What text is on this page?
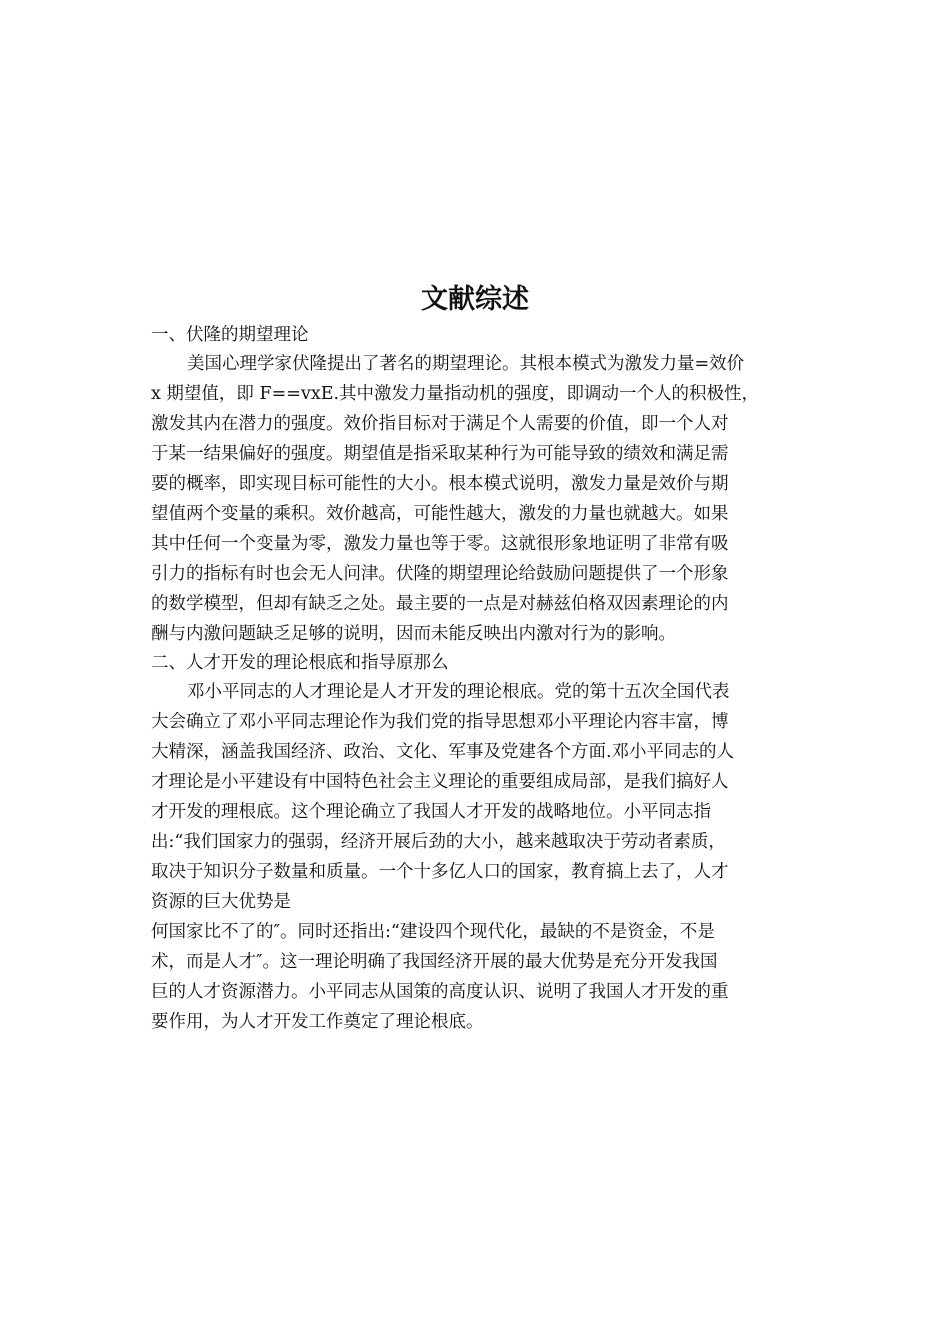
文献综述

一、伏隆的期望理论

美国心理学家伏隆提出了著名的期望理论。其根本模式为激发力量=效价

x 期望值，即 F==vxE.其中激发力量指动机的强度，即调动一个人的积极性，

激发其内在潜力的强度。效价指目标对于满足个人需要的价值，即一个人对

于某一结果偏好的强度。期望值是指采取某种行为可能导致的绩效和满足需

要的概率，即实现目标可能性的大小。根本模式说明，激发力量是效价与期

望值两个变量的乘积。效价越高，可能性越大，激发的力量也就越大。如果

其中任何一个变量为零，激发力量也等于零。这就很形象地证明了非常有吸

引力的指标有时也会无人问津。伏隆的期望理论给鼓励问题提供了一个形象

的数学模型，但却有缺乏之处。最主要的一点是对赫兹伯格双因素理论的内

酬与内激问题缺乏足够的说明，因而未能反映出内激对行为的影响。

二、人才开发的理论根底和指导原那么

邓小平同志的人才理论是人才开发的理论根底。党的第十五次全国代表

大会确立了邓小平同志理论作为我们党的指导思想邓小平理论内容丰富，博

大精深，涵盖我国经济、政治、文化、军事及党建各个方面.邓小平同志的人

才理论是小平建设有中国特色社会主义理论的重要组成局部，是我们搞好人

才开发的理根底。这个理论确立了我国人才开发的战略地位。小平同志指

出:“我们国家力的强弱，经济开展后劲的大小，越来越取决于劳动者素质，

取决于知识分子数量和质量。一个十多亿人口的国家，教育搞上去了，人才

资源的巨大优势是

何国家比不了的″。同时还指出:“建设四个现代化，最缺的不是资金，不是

术，而是人才″。这一理论明确了我国经济开展的最大优势是充分开发我国

巨的人才资源潜力。小平同志从国策的高度认识、说明了我国人才开发的重

要作用，为人才开发工作奠定了理论根底。
